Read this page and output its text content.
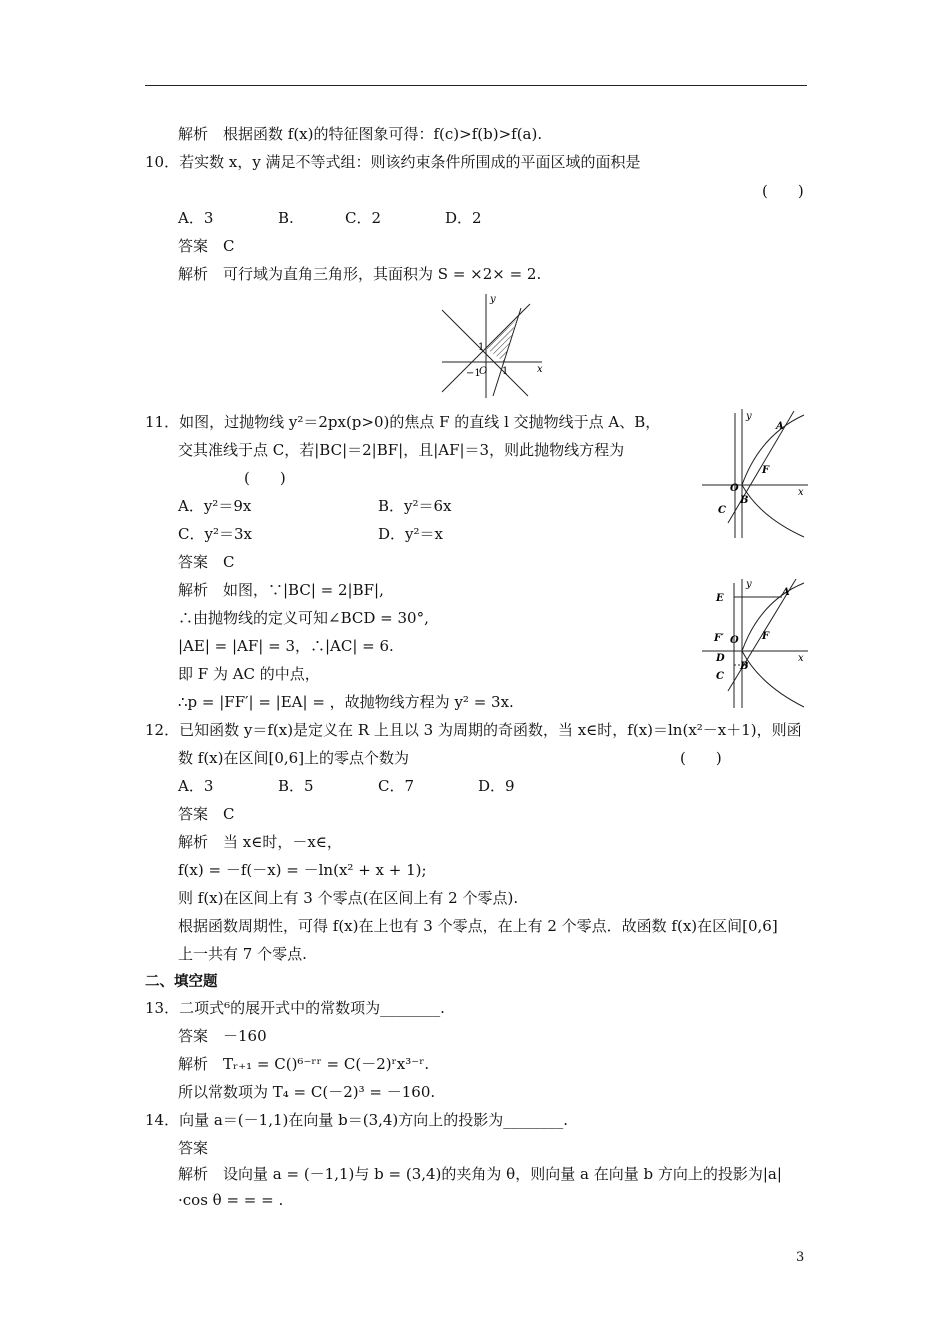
解析　根据函数 f(x)的特征图象可得：f(c)>f(b)>f(a).
10．若实数 x，y 满足不等式组：则该约束条件所围成的平面区域的面积是
(　　)
A．3	B.	C．2	D．2
答案　C
解析　可行域为直角三角形，其面积为 S = ×2× = 2.
y
x
1
−1
O 1
11．如图，过抛物线 y²＝2px(p>0)的焦点 F 的直线 l 交抛物线于点 A、B，
交其准线于点 C，若|BC|＝2|BF|，且|AF|＝3，则此抛物线方程为
(　　)
A．y²＝9x	B．y²＝6x
C．y²＝3x	D．y²＝x
答案　C
解析　如图，∵|BC| = 2|BF|,
∴由抛物线的定义可知∠BCD = 30°,
|AE| = |AF| = 3，∴|AC| = 6.
即 F 为 AC 的中点，
∴p = |FF′| = |EA| = ，故抛物线方程为 y² = 3x.
y
x
A
F
O
B
C
y
x
E
A
F′ O F
D
B
C
12．已知函数 y＝f(x)是定义在 R 上且以 3 为周期的奇函数，当 x∈时，f(x)＝ln(x²－x＋1)，则函
数 f(x)在区间[0,6]上的零点个数为	(　　)
A．3	B．5	C．7	D．9
答案　C
解析　当 x∈时，－x∈，
f(x) = －f(－x) = －ln(x² + x + 1);
则 f(x)在区间上有 3 个零点(在区间上有 2 个零点).
根据函数周期性，可得 f(x)在上也有 3 个零点，在上有 2 个零点．故函数 f(x)在区间[0,6]
上一共有 7 个零点.
二、填空题
13．二项式⁶的展开式中的常数项为________.
答案　－160
解析　Tᵣ₊₁ = C()⁶⁻ʳʳ = C(－2)ʳx³⁻ʳ.
所以常数项为 T₄ = C(－2)³ = －160.
14．向量 a＝(－1,1)在向量 b＝(3,4)方向上的投影为________.
答案
解析　设向量 a = (－1,1)与 b = (3,4)的夹角为 θ，则向量 a 在向量 b 方向上的投影为|a|
·cos θ = = = .
3
